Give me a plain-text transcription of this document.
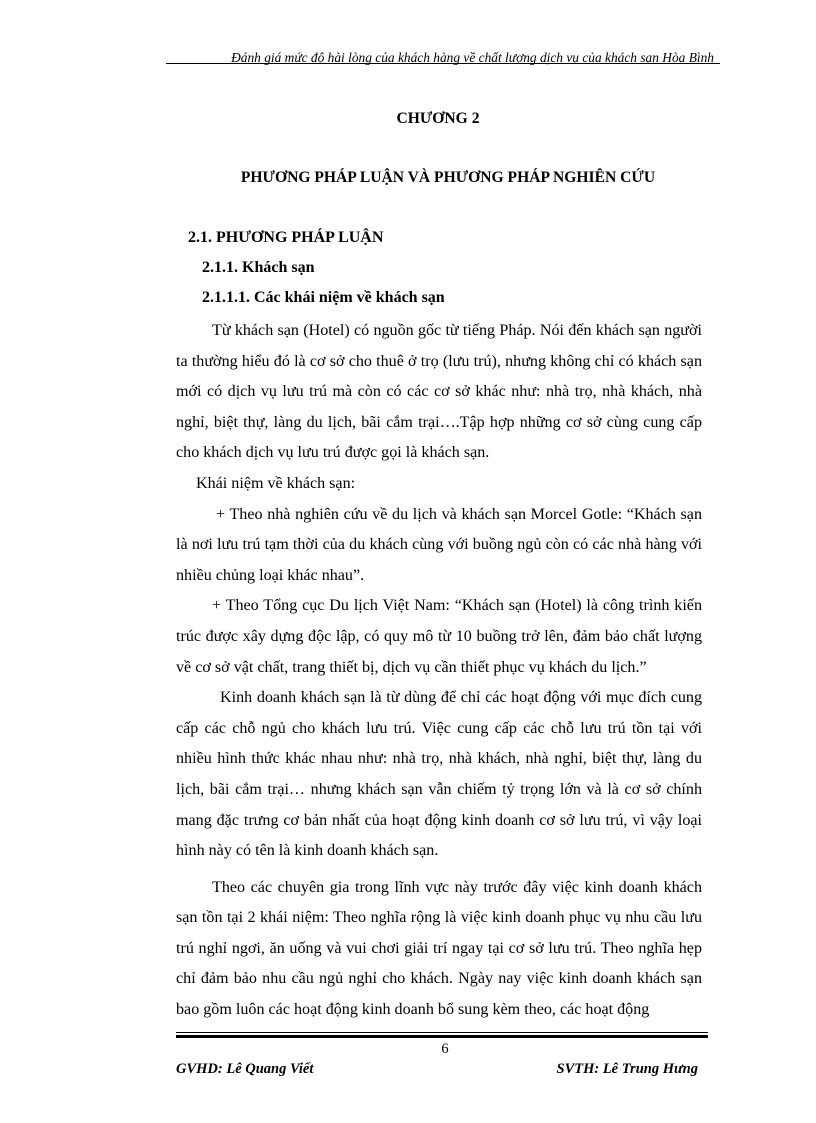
Đánh giá mức độ hài lòng của khách hàng về chất lượng dịch vụ của khách sạn Hòa Bình
CHƯƠNG 2
PHƯƠNG PHÁP LUẬN VÀ PHƯƠNG PHÁP NGHIÊN CỨU
2.1. PHƯƠNG PHÁP LUẬN
2.1.1. Khách sạn
2.1.1.1. Các khái niệm về khách sạn

Từ khách sạn (Hotel) có nguồn gốc từ tiếng Pháp. Nói đến khách sạn người ta thường hiểu đó là cơ sở cho thuê ở trọ (lưu trú), nhưng không chỉ có khách sạn mới có dịch vụ lưu trú mà còn có các cơ sở khác như: nhà trọ, nhà khách, nhà nghỉ, biệt thự, làng du lịch, bãi cắm trại….Tập hợp những cơ sở cùng cung cấp cho khách dịch vụ lưu trú được gọi là khách sạn.

Khái niệm về khách sạn:

+ Theo nhà nghiên cứu về du lịch và khách sạn Morcel Gotle: “Khách sạn là nơi lưu trú tạm thời của du khách cùng với buồng ngủ còn có các nhà hàng với nhiều chủng loại khác nhau”.

+ Theo Tổng cục Du lịch Việt Nam: “Khách sạn (Hotel) là công trình kiến trúc được xây dựng độc lập, có quy mô từ 10 buồng trở lên, đảm bảo chất lượng về cơ sở vật chất, trang thiết bị, dịch vụ cần thiết phục vụ khách du lịch.”

Kinh doanh khách sạn là từ dùng để chỉ các hoạt động với mục đích cung cấp các chỗ ngủ cho khách lưu trú. Việc cung cấp các chỗ lưu trú tồn tại với nhiều hình thức khác nhau như: nhà trọ, nhà khách, nhà nghỉ, biệt thự, làng du lịch, bãi cắm trại… nhưng khách sạn vẫn chiếm tỷ trọng lớn và là cơ sở chính mang đặc trưng cơ bản nhất của hoạt động kinh doanh cơ sở lưu trú, vì vậy loại hình này có tên là kinh doanh khách sạn.

Theo các chuyên gia trong lĩnh vực này trước đây việc kinh doanh khách sạn tồn tại 2 khái niệm: Theo nghĩa rộng là việc kinh doanh phục vụ nhu cầu lưu trú nghỉ ngơi, ăn uống và vui chơi giải trí ngay tại cơ sở lưu trú. Theo nghĩa hẹp chỉ đảm bảo nhu cầu ngủ nghỉ cho khách. Ngày nay việc kinh doanh khách sạn bao gồm luôn các hoạt động kinh doanh bổ sung kèm theo, các hoạt động

6
GVHD: Lê Quang Viết	SVTH: Lê Trung Hưng
